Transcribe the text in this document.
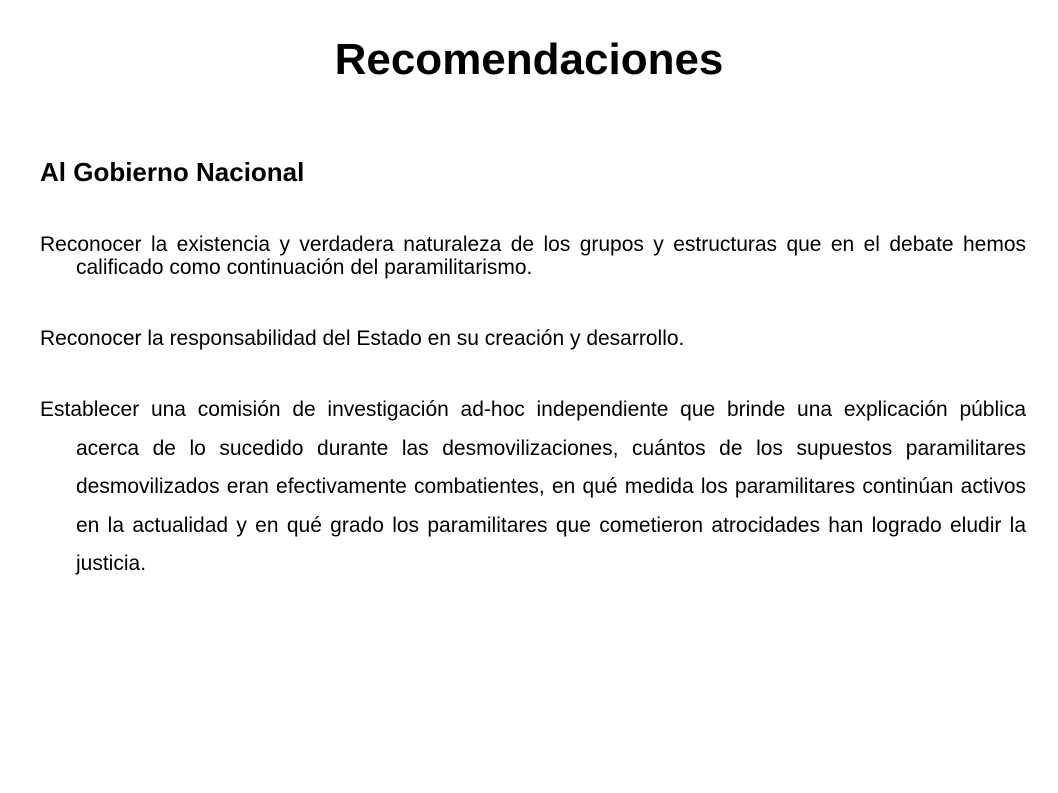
Recomendaciones
Al Gobierno Nacional

Reconocer la existencia y verdadera naturaleza de los grupos y estructuras que en el debate hemos calificado como continuación del paramilitarismo.

Reconocer la responsabilidad del Estado en su creación y desarrollo.

Establecer una comisión de investigación ad-hoc independiente que brinde una explicación pública acerca de lo sucedido durante las desmovilizaciones, cuántos de los supuestos paramilitares desmovilizados eran efectivamente combatientes, en qué medida los paramilitares continúan activos en la actualidad y en qué grado los paramilitares que cometieron atrocidades han logrado eludir la justicia.
